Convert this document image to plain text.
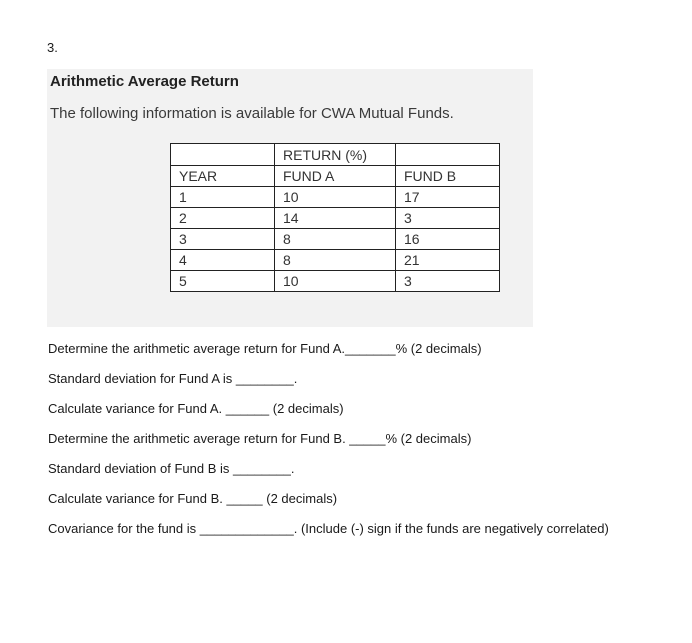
3.
Arithmetic Average Return
The following information is available for CWA Mutual Funds.
	RETURN (%)	
YEAR	FUND A	FUND B
1	10	17
2	14	3
3	8	16
4	8	21
5	10	3
Determine the arithmetic average return for Fund A._______% (2 decimals)
Standard deviation for Fund A is ________.
Calculate variance for Fund A. ______ (2 decimals)
Determine the arithmetic average return for Fund B. _____% (2 decimals)
Standard deviation of Fund B is ________.
Calculate variance for Fund B. _____ (2 decimals)
Covariance for the fund is _____________. (Include (-) sign if the funds are negatively correlated)
